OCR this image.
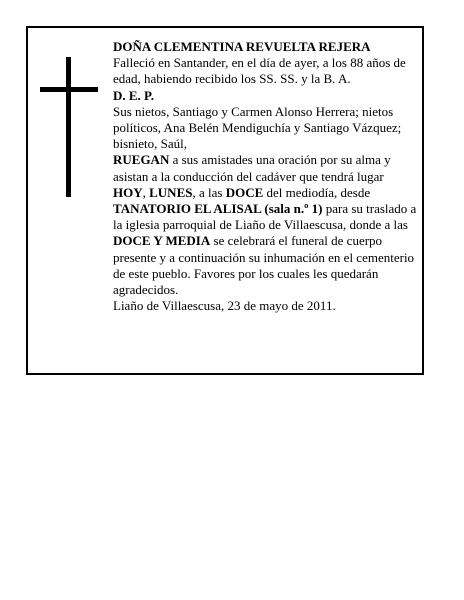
DOÑA CLEMENTINA REVUELTA REJERA

Falleció en Santander, en el día de ayer, a los 88 años de edad, habiendo recibido los SS. SS. y la B. A.

D. E. P.

Sus nietos, Santiago y Carmen Alonso Herrera; nietos políticos, Ana Belén Mendiguchía y Santiago Vázquez; bisnieto, Saúl,

RUEGAN a sus amistades una oración por su alma y asistan a la conducción del cadáver que tendrá lugar HOY, LUNES, a las DOCE del mediodía, desde TANATORIO EL ALISAL (sala n.º 1) para su traslado a la iglesia parroquial de Liaño de Villaescusa, donde a las DOCE Y MEDIA se celebrará el funeral de cuerpo presente y a continuación su inhumación en el cementerio de este pueblo. Favores por los cuales les quedarán agradecidos.

Liaño de Villaescusa, 23 de mayo de 2011.
